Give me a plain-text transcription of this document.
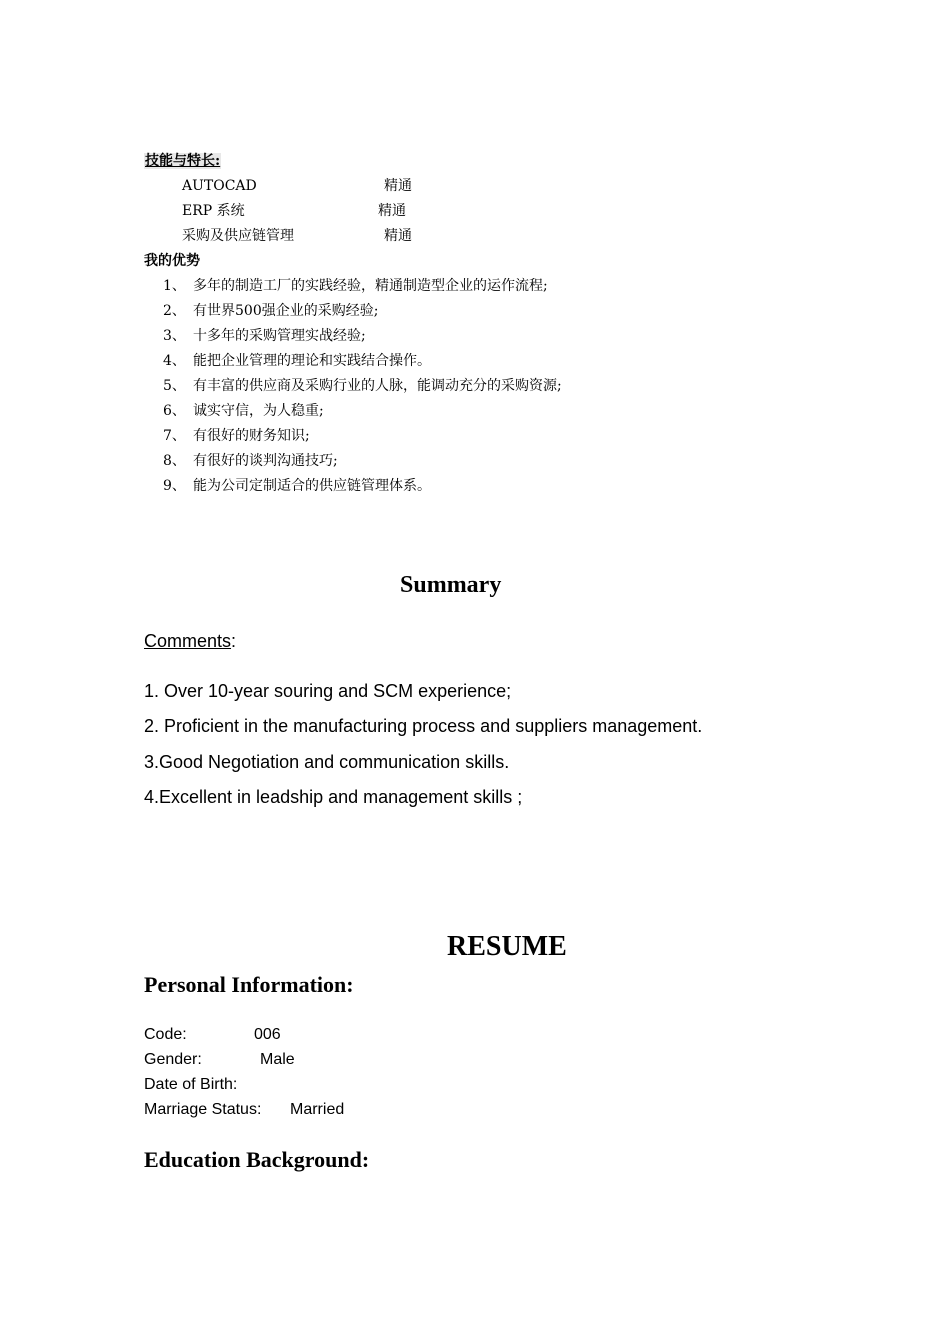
技能与特长:
AUTOCAD	精通
ERP 系统	精通
采购及供应链管理	精通
我的优势
1、 多年的制造工厂的实践经验，精通制造型企业的运作流程;
2、 有世界500强企业的采购经验;
3、 十多年的采购管理实战经验;
4、 能把企业管理的理论和实践结合操作。
5、 有丰富的供应商及采购行业的人脉，能调动充分的采购资源;
6、 诚实守信，为人稳重;
7、 有很好的财务知识;
8、 有很好的谈判沟通技巧;
9、 能为公司定制适合的供应链管理体系。
Summary
Comments:
1. Over 10-year souring and SCM experience;
2. Proficient in the manufacturing process and suppliers management.
3.Good Negotiation and communication skills.
4.Excellent in leadship and management skills ;
RESUME
Personal Information:
Code:	006
Gender:	Male
Date of Birth:
Marriage Status: Married
Education Background:
